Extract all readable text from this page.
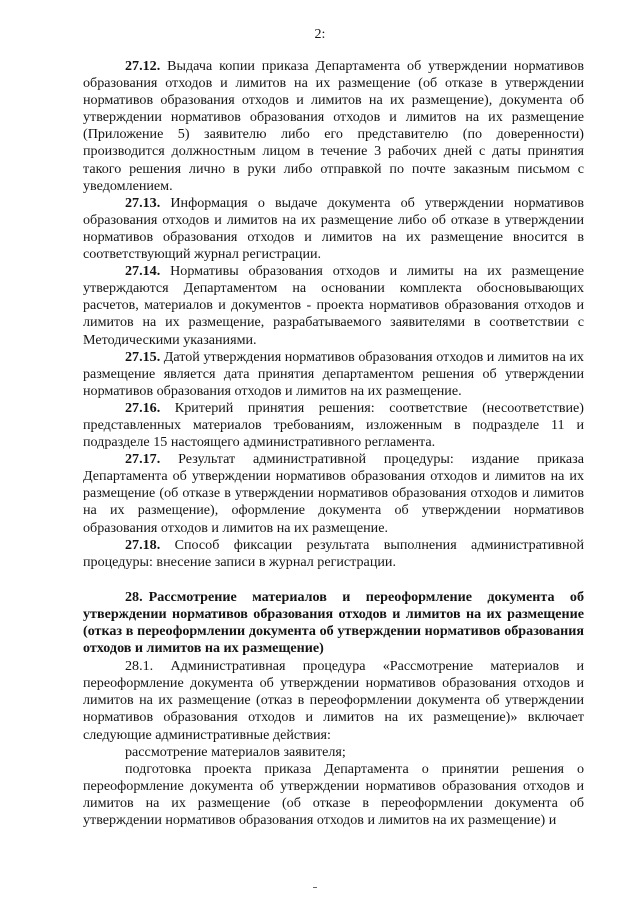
2:

27.12. Выдача копии приказа Департамента об утверждении нормативов образования отходов и лимитов на их размещение (об отказе в утверждении нормативов образования отходов и лимитов на их размещение), документа об утверждении нормативов образования отходов и лимитов на их размещение (Приложение 5) заявителю либо его представителю (по доверенности) производится должностным лицом в течение 3 рабочих дней с даты принятия такого решения лично в руки либо отправкой по почте заказным письмом с уведомлением.

27.13. Информация о выдаче документа об утверждении нормативов образования отходов и лимитов на их размещение либо об отказе в утверждении нормативов образования отходов и лимитов на их размещение вносится в соответствующий журнал регистрации.

27.14. Нормативы образования отходов и лимиты на их размещение утверждаются Департаментом на основании комплекта обосновывающих расчетов, материалов и документов - проекта нормативов образования отходов и лимитов на их размещение, разрабатываемого заявителями в соответствии с Методическими указаниями.

27.15. Датой утверждения нормативов образования отходов и лимитов на их размещение является дата принятия департаментом решения об утверждении нормативов образования отходов и лимитов на их размещение.

27.16. Критерий принятия решения: соответствие (несоответствие) представленных материалов требованиям, изложенным в подразделе 11 и подразделе 15 настоящего административного регламента.

27.17. Результат административной процедуры: издание приказа Департамента об утверждении нормативов образования отходов и лимитов на их размещение (об отказе в утверждении нормативов образования отходов и лимитов на их размещение), оформление документа об утверждении нормативов образования отходов и лимитов на их размещение.

27.18. Способ фиксации результата выполнения административной процедуры: внесение записи в журнал регистрации.

28. Рассмотрение материалов и переоформление документа об утверждении нормативов образования отходов и лимитов на их размещение (отказ в переоформлении документа об утверждении нормативов образования отходов и лимитов на их размещение)

28.1. Административная процедура «Рассмотрение материалов и переоформление документа об утверждении нормативов образования отходов и лимитов на их размещение (отказ в переоформлении документа об утверждении нормативов образования отходов и лимитов на их размещение)» включает следующие административные действия:

рассмотрение материалов заявителя;

подготовка проекта приказа Департамента о принятии решения о переоформление документа об утверждении нормативов образования отходов и лимитов на их размещение (об отказе в переоформлении документа об утверждении нормативов образования отходов и лимитов на их размещение) и
